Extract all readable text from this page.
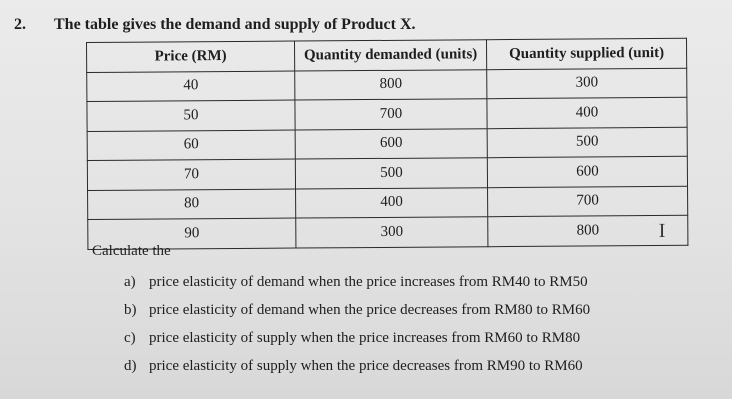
2. The table gives the demand and supply of Product X.
Price (RM)	Quantity demanded (units)	Quantity supplied (unit)
40	800	300
50	700	400
60	600	500
70	500	600
80	400	700
90	300	800 I
Calculate the
a) price elasticity of demand when the price increases from RM40 to RM50
b) price elasticity of demand when the price decreases from RM80 to RM60
c) price elasticity of supply when the price increases from RM60 to RM80
d) price elasticity of supply when the price decreases from RM90 to RM60
